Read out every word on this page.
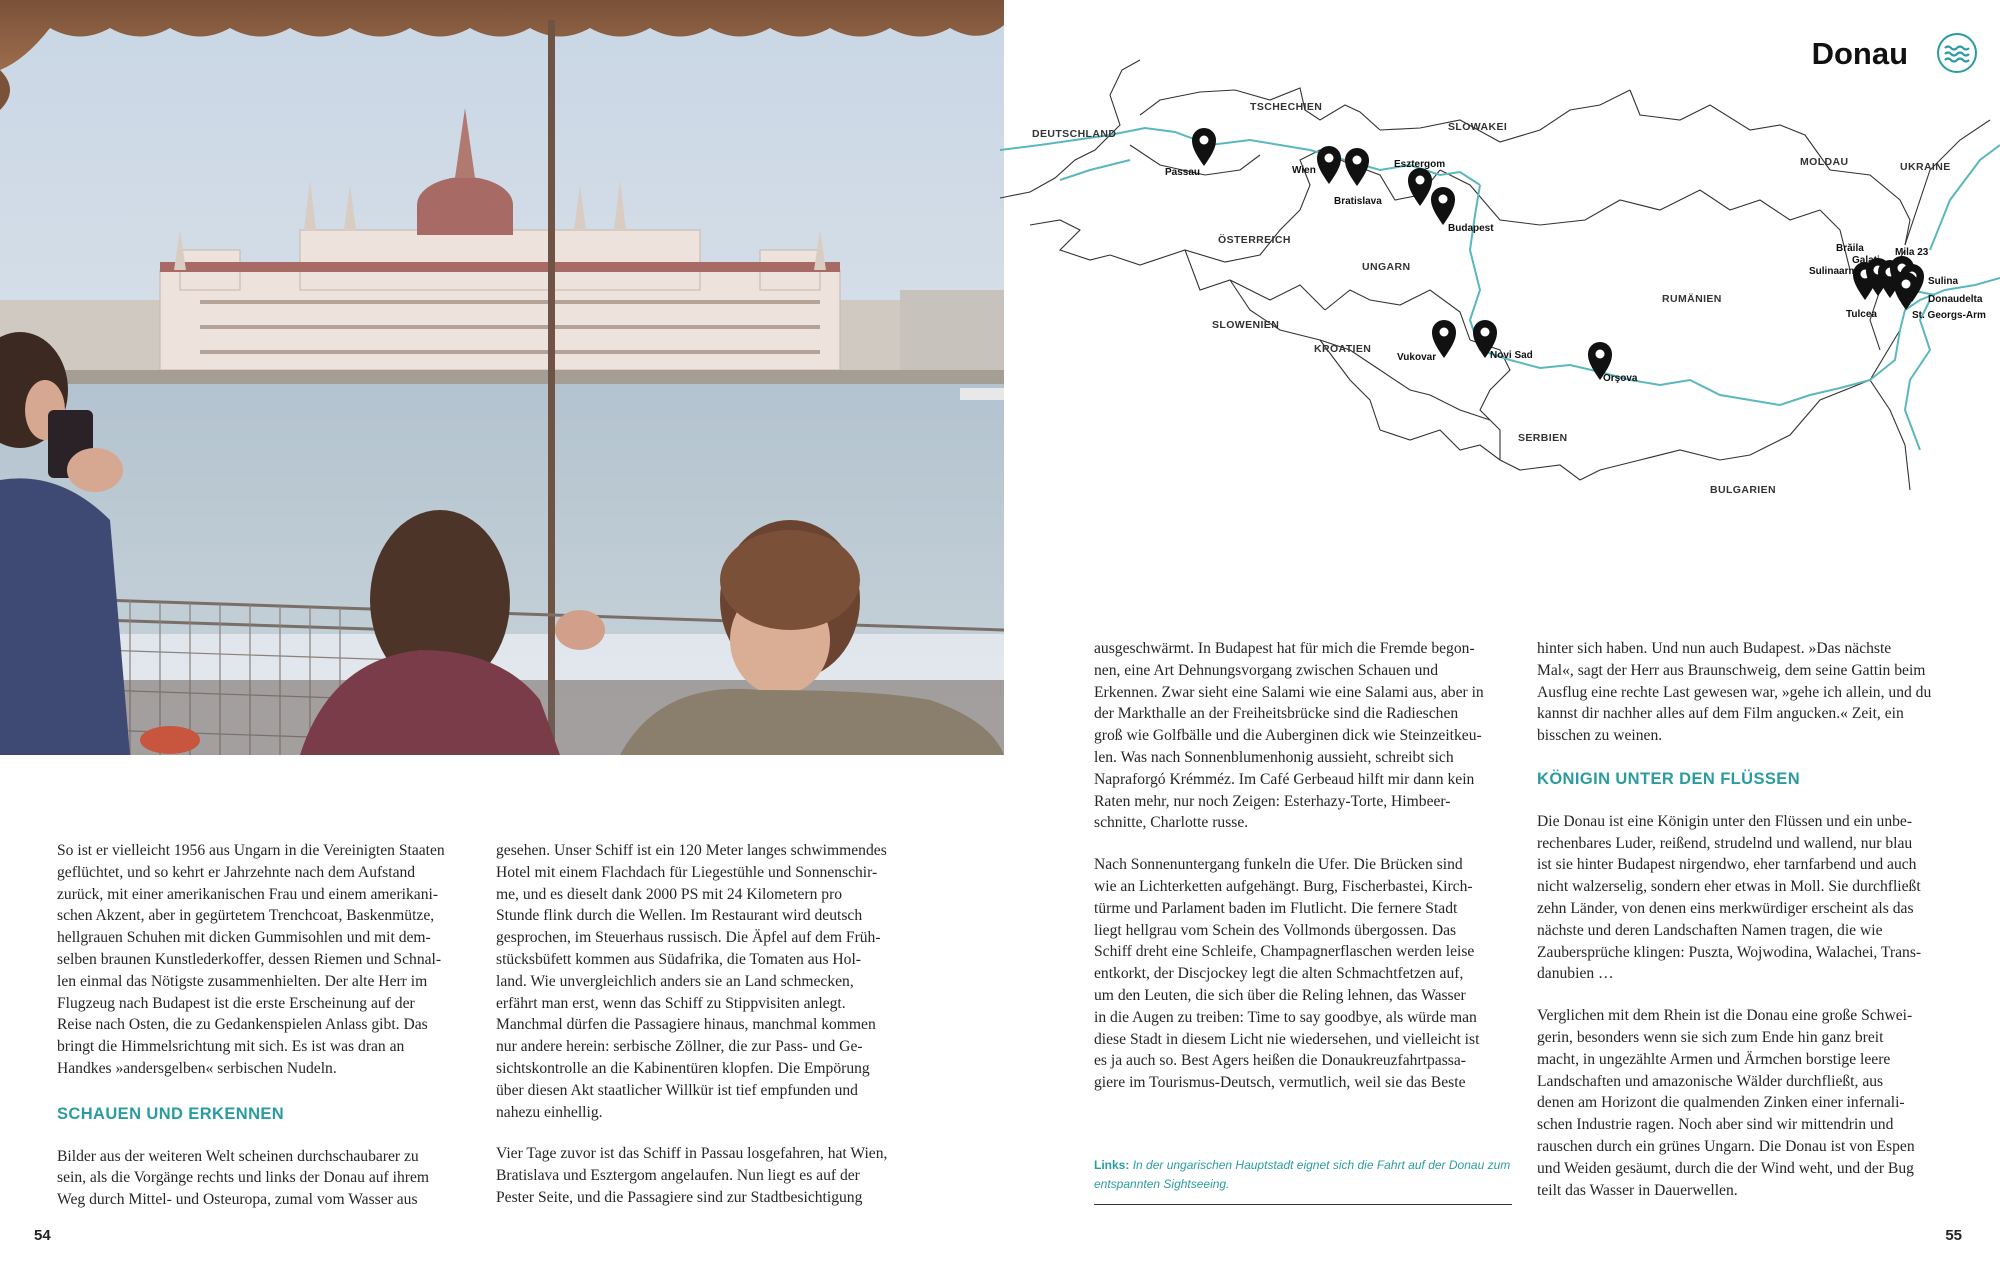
So ist er vielleicht 1956 aus Ungarn in die Vereinigten Staaten
geflüchtet, und so kehrt er Jahrzehnte nach dem Aufstand
zurück, mit einer amerikanischen Frau und einem amerikani-
schen Akzent, aber in gegürtetem Trenchcoat, Baskenmütze,
hellgrauen Schuhen mit dicken Gummisohlen und mit dem-
selben braunen Kunstlederkoffer, dessen Riemen und Schnal-
len einmal das Nötigste zusammenhielten. Der alte Herr im
Flugzeug nach Budapest ist die erste Erscheinung auf der
Reise nach Osten, die zu Gedankenspielen Anlass gibt. Das
bringt die Himmelsrichtung mit sich. Es ist was dran an
Handkes »andersgelben« serbischen Nudeln.

SCHAUEN UND ERKENNEN

Bilder aus der weiteren Welt scheinen durchschaubarer zu
sein, als die Vorgänge rechts und links der Donau auf ihrem
Weg durch Mittel- und Osteuropa, zumal vom Wasser aus

gesehen. Unser Schiff ist ein 120 Meter langes schwimmendes
Hotel mit einem Flachdach für Liegestühle und Sonnenschir-
me, und es dieselt dank 2000 PS mit 24 Kilometern pro
Stunde flink durch die Wellen. Im Restaurant wird deutsch
gesprochen, im Steuerhaus russisch. Die Äpfel auf dem Früh-
stücksbüfett kommen aus Südafrika, die Tomaten aus Hol-
land. Wie unvergleichlich anders sie an Land schmecken,
erfährt man erst, wenn das Schiff zu Stippvisiten anlegt.
Manchmal dürfen die Passagiere hinaus, manchmal kommen
nur andere herein: serbische Zöllner, die zur Pass- und Ge-
sichtskontrolle an die Kabinentüren klopfen. Die Empörung
über diesen Akt staatlicher Willkür ist tief empfunden und
nahezu einhellig.

Vier Tage zuvor ist das Schiff in Passau losgefahren, hat Wien,
Bratislava und Esztergom angelaufen. Nun liegt es auf der
Pester Seite, und die Passagiere sind zur Stadtbesichtigung

54
Donau
DEUTSCHLAND
TSCHECHIEN
SLOWAKEI
MOLDAU	UKRAINE
ÖSTERREICH
UNGARN
RUMÄNIEN
SLOWENIEN
KROATIEN
SERBIEN
BULGARIEN
Passau	Wien
Bratislava
Esztergom
Budapest
Vukovar	Novi Sad
Orşova
Brăila
Galaţi
Tulcea
Sulina
Mila 23
Donaudelta
St. Georgs-Arm
Sulinaarm

ausgeschwärmt. In Budapest hat für mich die Fremde begon-
nen, eine Art Dehnungsvorgang zwischen Schauen und
Erkennen. Zwar sieht eine Salami wie eine Salami aus, aber in
der Markthalle an der Freiheitsbrücke sind die Radieschen
groß wie Golfbälle und die Auberginen dick wie Steinzeitkeu-
len. Was nach Sonnenblumenhonig aussieht, schreibt sich
Napraforgó Krémméz. Im Café Gerbeaud hilft mir dann kein
Raten mehr, nur noch Zeigen: Esterhazy-Torte, Himbeer-
schnitte, Charlotte russe.

Nach Sonnenuntergang funkeln die Ufer. Die Brücken sind
wie an Lichterketten aufgehängt. Burg, Fischerbastei, Kirch-
türme und Parlament baden im Flutlicht. Die fernere Stadt
liegt hellgrau vom Schein des Vollmonds übergossen. Das
Schiff dreht eine Schleife, Champagnerflaschen werden leise
entkorkt, der Discjockey legt die alten Schmachtfetzen auf,
um den Leuten, die sich über die Reling lehnen, das Wasser
in die Augen zu treiben: Time to say goodbye, als würde man
diese Stadt in diesem Licht nie wiedersehen, und vielleicht ist
es ja auch so. Best Agers heißen die Donaukreuzfahrtpassa-
giere im Tourismus-Deutsch, vermutlich, weil sie das Beste

Links: In der ungarischen Hauptstadt eignet sich die Fahrt auf der Donau zum entspannten Sightseeing.

hinter sich haben. Und nun auch Budapest. »Das nächste
Mal«, sagt der Herr aus Braunschweig, dem seine Gattin beim
Ausflug eine rechte Last gewesen war, »gehe ich allein, und du
kannst dir nachher alles auf dem Film angucken.« Zeit, ein
bisschen zu weinen.

KÖNIGIN UNTER DEN FLÜSSEN

Die Donau ist eine Königin unter den Flüssen und ein unbe-
rechenbares Luder, reißend, strudelnd und wallend, nur blau
ist sie hinter Budapest nirgendwo, eher tarnfarbend und auch
nicht walzerselig, sondern eher etwas in Moll. Sie durchfließt
zehn Länder, von denen eins merkwürdiger erscheint als das
nächste und deren Landschaften Namen tragen, die wie
Zaubersprüche klingen: Puszta, Wojwodina, Walachei, Trans-
danubien …

Verglichen mit dem Rhein ist die Donau eine große Schwei-
gerin, besonders wenn sie sich zum Ende hin ganz breit
macht, in ungezählte Armen und Ärmchen borstige leere
Landschaften und amazonische Wälder durchfließt, aus
denen am Horizont die qualmenden Zinken einer infernali-
schen Industrie ragen. Noch aber sind wir mittendrin und
rauschen durch ein grünes Ungarn. Die Donau ist von Espen
und Weiden gesäumt, durch die der Wind weht, und der Bug
teilt das Wasser in Dauerwellen.

55
